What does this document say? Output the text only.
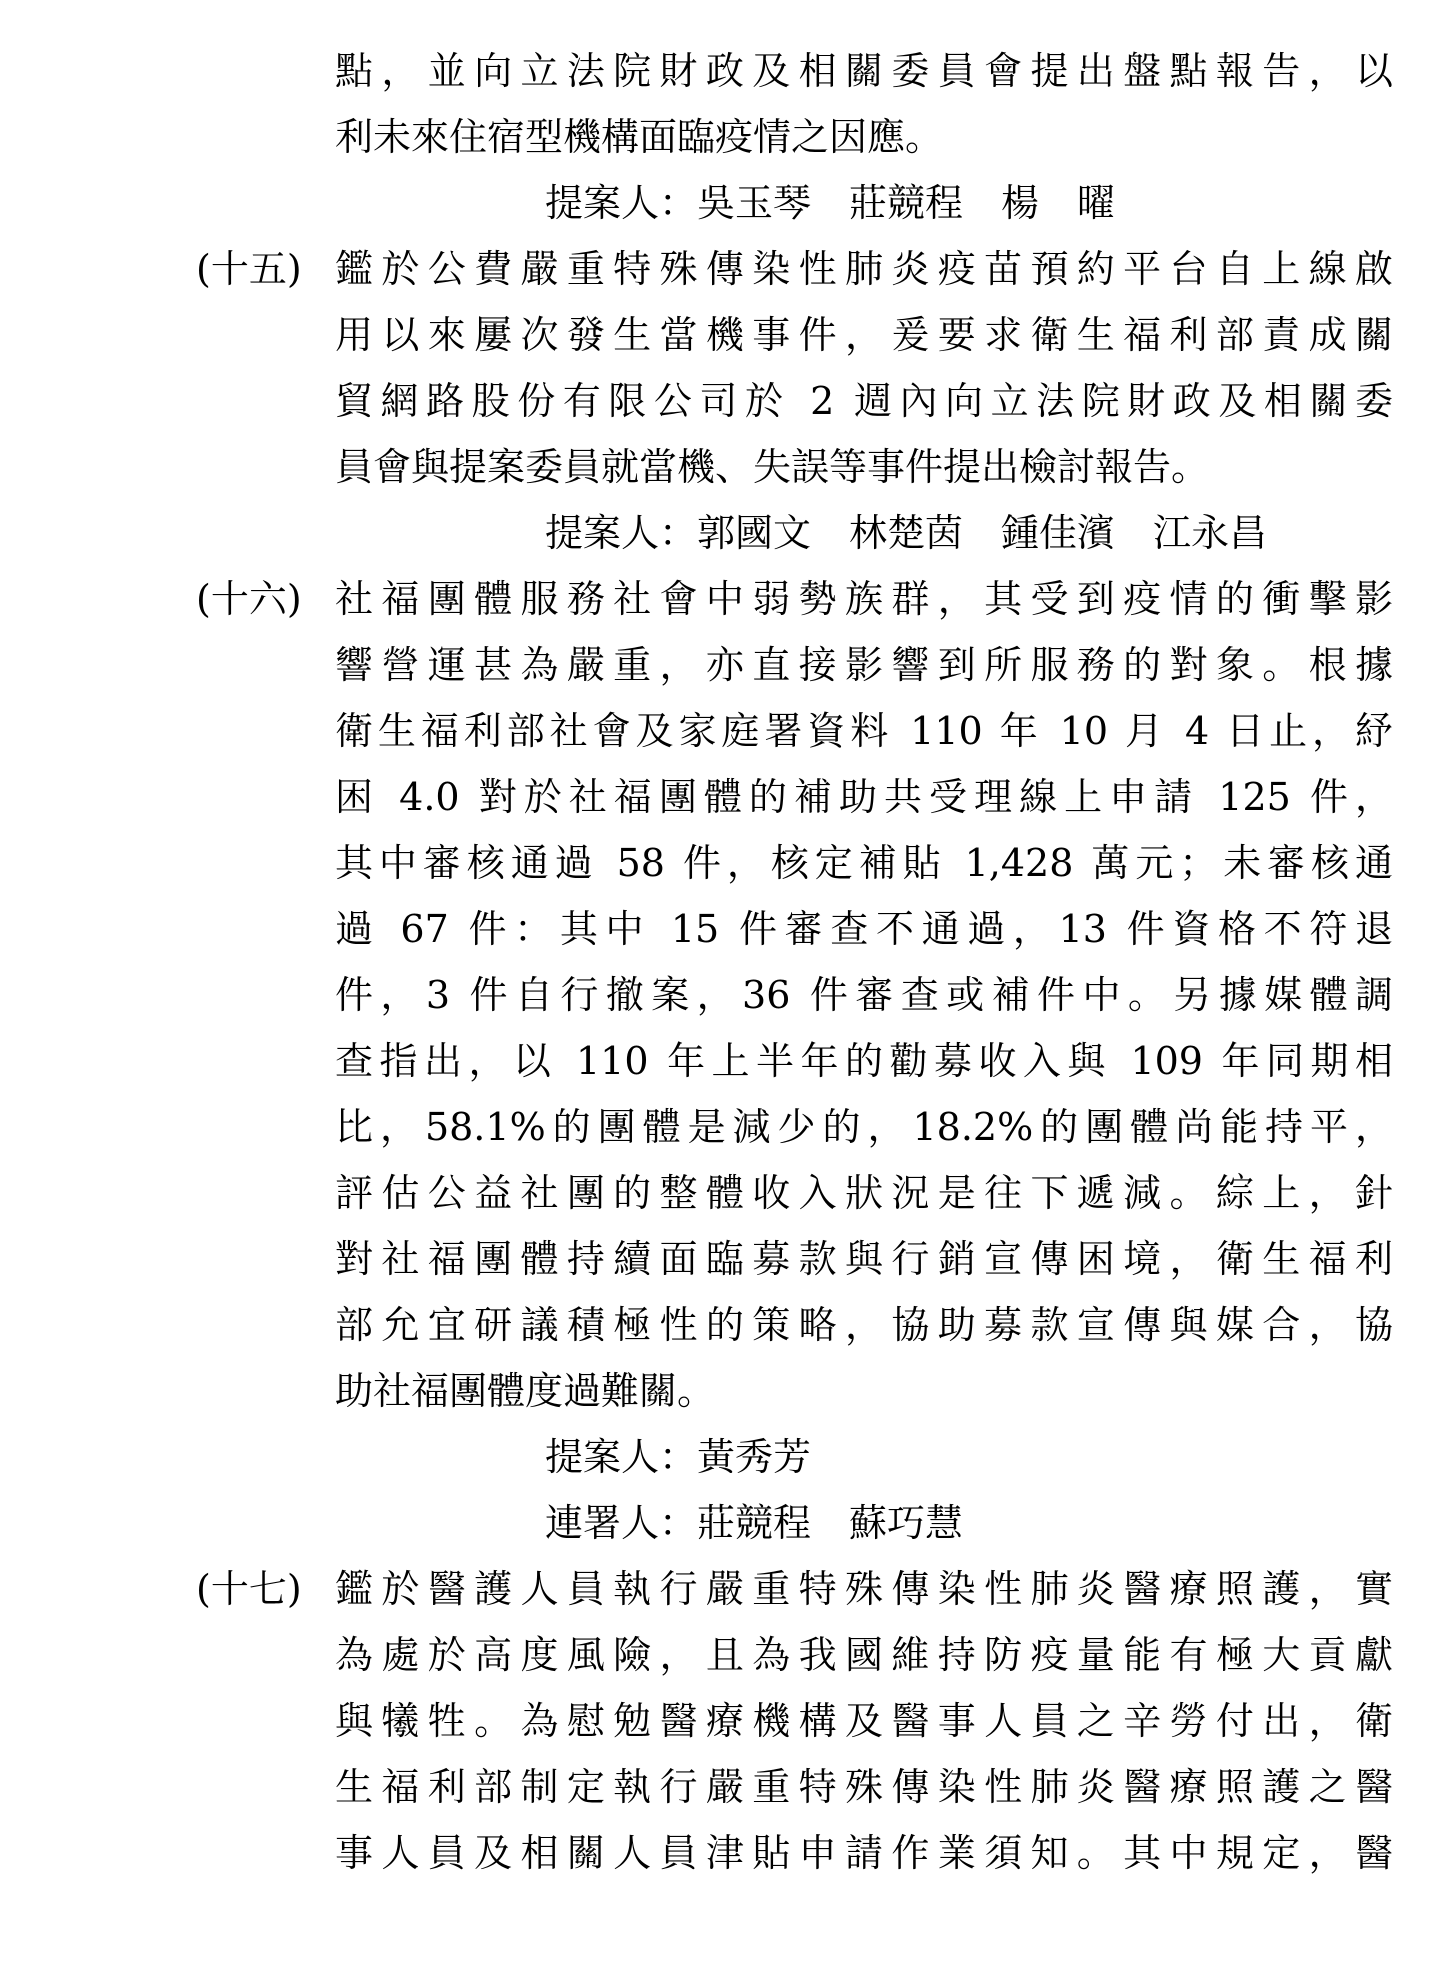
點，並向立法院財政及相關委員會提出盤點報告，以
利未來住宿型機構面臨疫情之因應。
提案人：吳玉琴　莊競程　楊　曜
(十五) 鑑於公費嚴重特殊傳染性肺炎疫苗預約平台自上線啟
用以來屢次發生當機事件，爰要求衛生福利部責成關
貿網路股份有限公司於 2 週內向立法院財政及相關委
員會與提案委員就當機、失誤等事件提出檢討報告。
提案人：郭國文　林楚茵　鍾佳濱　江永昌
(十六) 社福團體服務社會中弱勢族群，其受到疫情的衝擊影
響營運甚為嚴重，亦直接影響到所服務的對象。根據
衛生福利部社會及家庭署資料 110 年 10 月 4 日止，紓
困 4.0 對於社福團體的補助共受理線上申請 125 件，
其中審核通過 58 件，核定補貼 1,428 萬元；未審核通
過 67 件：其中 15 件審查不通過，13 件資格不符退
件，3 件自行撤案，36 件審查或補件中。另據媒體調
查指出，以 110 年上半年的勸募收入與 109 年同期相
比，58.1%的團體是減少的，18.2%的團體尚能持平，
評估公益社團的整體收入狀況是往下遞減。綜上，針
對社福團體持續面臨募款與行銷宣傳困境，衛生福利
部允宜研議積極性的策略，協助募款宣傳與媒合，協
助社福團體度過難關。
提案人：黃秀芳
連署人：莊競程　蘇巧慧
(十七) 鑑於醫護人員執行嚴重特殊傳染性肺炎醫療照護，實
為處於高度風險，且為我國維持防疫量能有極大貢獻
與犧牲。為慰勉醫療機構及醫事人員之辛勞付出，衛
生福利部制定執行嚴重特殊傳染性肺炎醫療照護之醫
事人員及相關人員津貼申請作業須知。其中規定，醫
